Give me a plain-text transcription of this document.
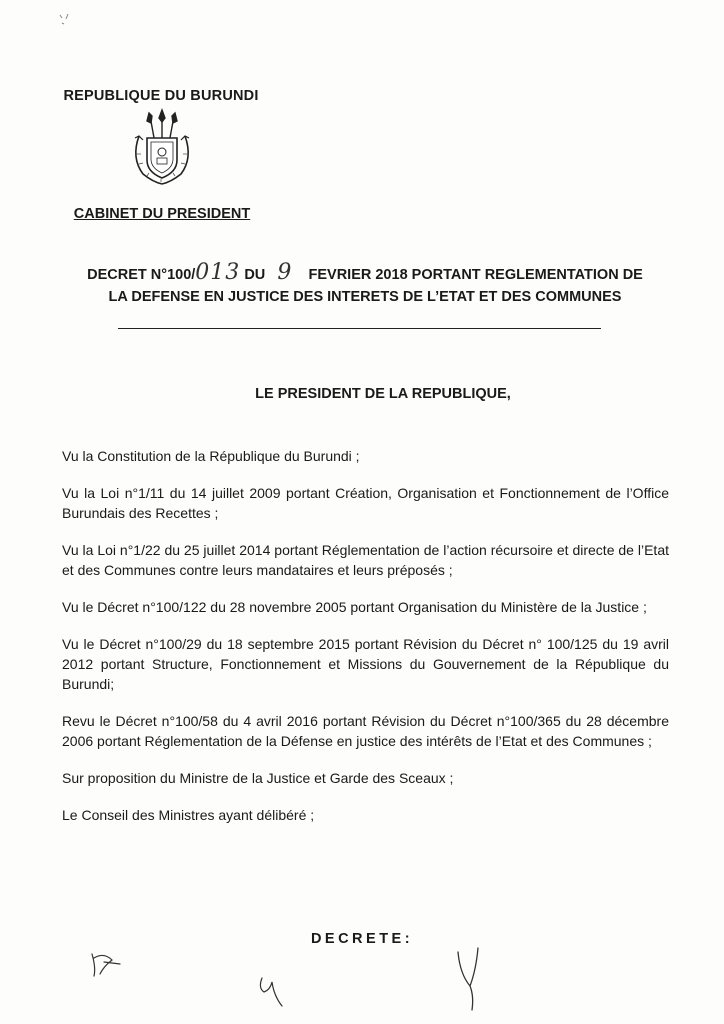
REPUBLIQUE DU BURUNDI
CABINET DU PRESIDENT
DECRET N°100/013 DU 9 FEVRIER 2018 PORTANT REGLEMENTATION DE
LA DEFENSE EN JUSTICE DES INTERETS DE L’ETAT ET DES COMMUNES
LE PRESIDENT DE LA REPUBLIQUE,

Vu la Constitution de la République du Burundi ;

Vu la Loi n°1/11 du 14 juillet 2009 portant Création, Organisation et Fonctionnement de l’Office Burundais des Recettes ;

Vu la Loi n°1/22 du 25 juillet 2014 portant Réglementation de l’action récursoire et directe de l’Etat et des Communes contre leurs mandataires et leurs préposés ;

Vu le Décret n°100/122 du 28 novembre 2005 portant Organisation du Ministère de la Justice ;

Vu le Décret n°100/29 du 18 septembre 2015 portant Révision du Décret n° 100/125 du 19 avril 2012 portant Structure, Fonctionnement et Missions du Gouvernement de la République du Burundi;

Revu le Décret n°100/58 du 4 avril 2016 portant Révision du Décret n°100/365 du 28 décembre 2006 portant Réglementation de la Défense en justice des intérêts de l’Etat et des Communes ;

Sur proposition du Ministre de la Justice et Garde des Sceaux ;

Le Conseil des Ministres ayant délibéré ;

DECRETE:
